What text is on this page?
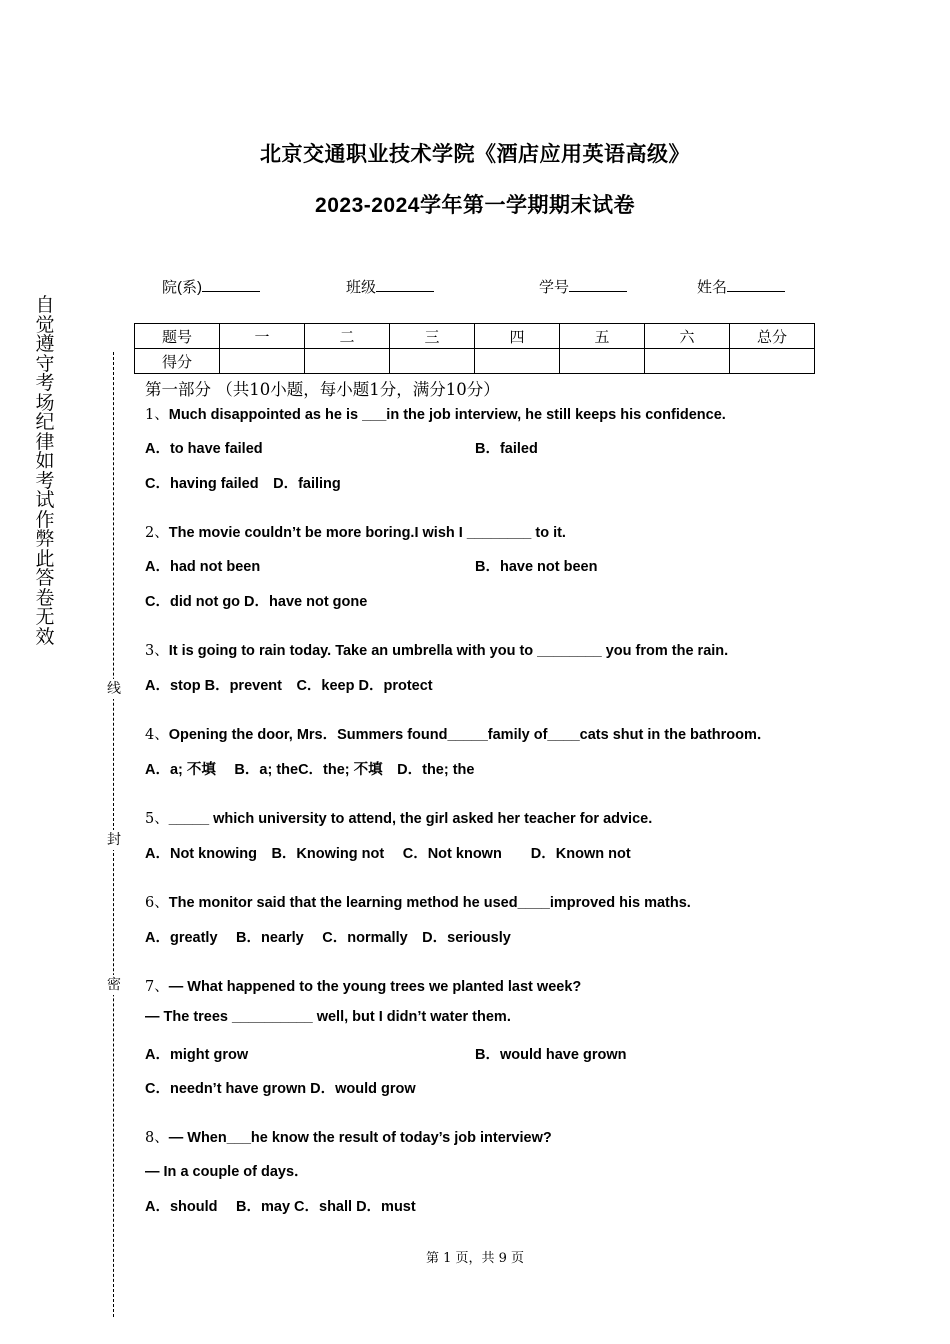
北京交通职业技术学院《酒店应用英语高级》
2023-2024学年第一学期期末试卷
自觉遵守考场纪律如考试作弊此答卷无效
线
封
密
院(系)	班级	学号	姓名
题号	一	二	三	四	五	六	总分
得分							
第一部分 （共10小题，每小题1分，满分10分）
1、Much disappointed as he is ___in the job interview, he still keeps his confidence.
A．to have failed	B．failed
C．having failed　D．failing
2、The movie couldn’t be more boring.I wish I ________ to it.
A．had not been	B．have not been
C．did not go D．have not gone
3、It is going to rain today. Take an umbrella with you to ________ you from the rain.
A．stop B．prevent　C．keep D．protect
4、Opening the door, Mrs．Summers found_____family of____cats shut in the bathroom．
A．a; 不填　 B．a; theC．the; 不填　D．the; the
5、_____ which university to attend, the girl asked her teacher for advice.
A．Not knowing　B．Knowing not　 C．Not known　　D．Known not
6、The monitor said that the learning method he used____improved his maths.
A．greatly　 B．nearly　 C．normally　D．seriously
7、— What happened to the young trees we planted last week?
— The trees __________ well, but I didn’t water them.
A．might grow	B．would have grown
C．needn’t have grown D．would grow
8、— When___he know the result of today’s job interview?
— In a couple of days．
A．should　 B．may C．shall D．must
第 1 页，共 9 页
